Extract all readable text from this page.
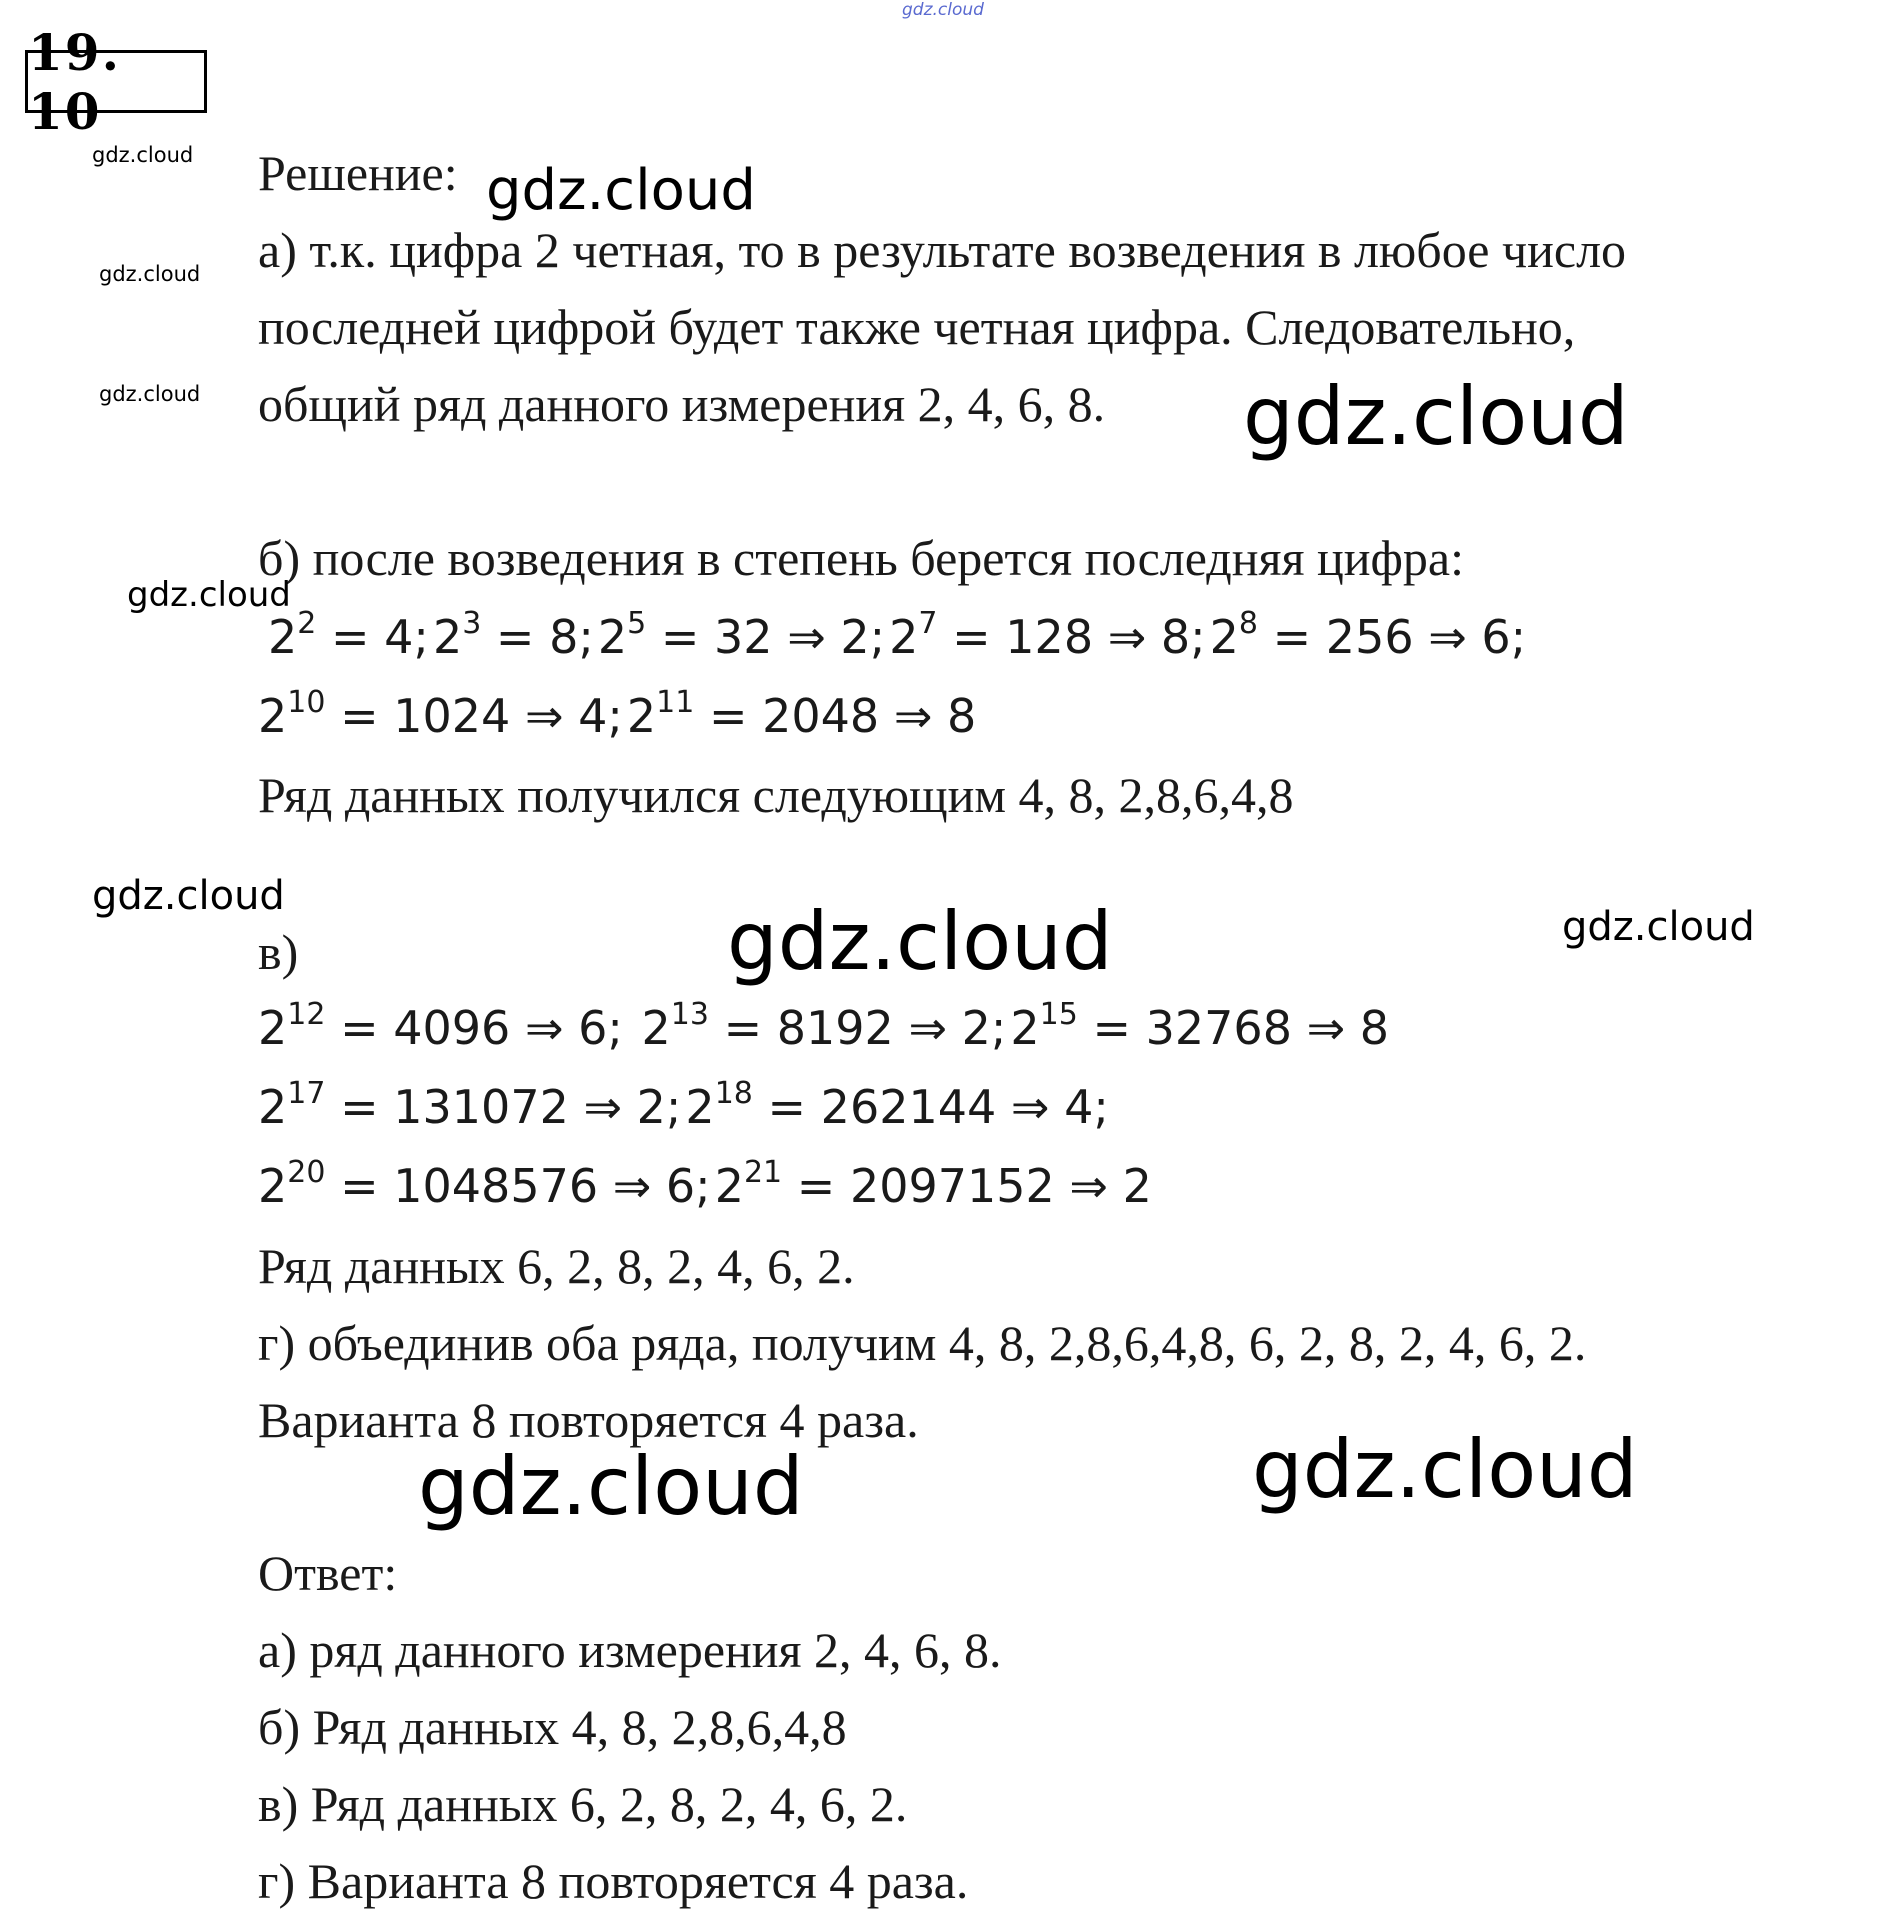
gdz.cloud
19. 10
gdz.cloud
gdz.cloud
gdz.cloud
Решение: gdz.cloud
а) т.к. цифра 2 четная, то в результате возведения в любое число
последней цифрой будет также четная цифра. Следовательно,
общий ряд данного измерения 2, 4, 6, 8. gdz.cloud
б) после возведения в степень берется последняя цифра:
gdz.cloud
$2^2$ = $4;2^3$ = $8;2^5 = 32$ ⇒ $2;2^7 = 128$ ⇒ $8;2^8 = 256$ ⇒ 6;
$2^{10} = 1024$ ⇒ $4;2^{11} = 2048$ ⇒ 8
Ряд данных получился следующим 4, 8, 2,8,6,4,8
gdz.cloud
gdz.cloud
в)	gdz.cloud
$2^{12} = 4096$ ⇒ 6; $2^{13} = 8192$ ⇒ $2;2^{15} = 32768$ ⇒ 8
$2^{17} = 131072$ ⇒ $2;2^{18} = 262144$ ⇒ 4;
$2^{20} = 1048576$ ⇒ $6;2^{21} = 2097152$ ⇒ 2
Ряд данных 6, 2, 8, 2, 4, 6, 2.
г) объединив оба ряда, получим 4, 8, 2,8,6,4,8, 6, 2, 8, 2, 4, 6, 2.
Варианта 8 повторяется 4 раза.
gdz.cloud
gdz.cloud
Ответ:
а) ряд данного измерения 2, 4, 6, 8.
б) Ряд данных 4, 8, 2,8,6,4,8
в) Ряд данных 6, 2, 8, 2, 4, 6, 2.
г) Варианта 8 повторяется 4 раза.
